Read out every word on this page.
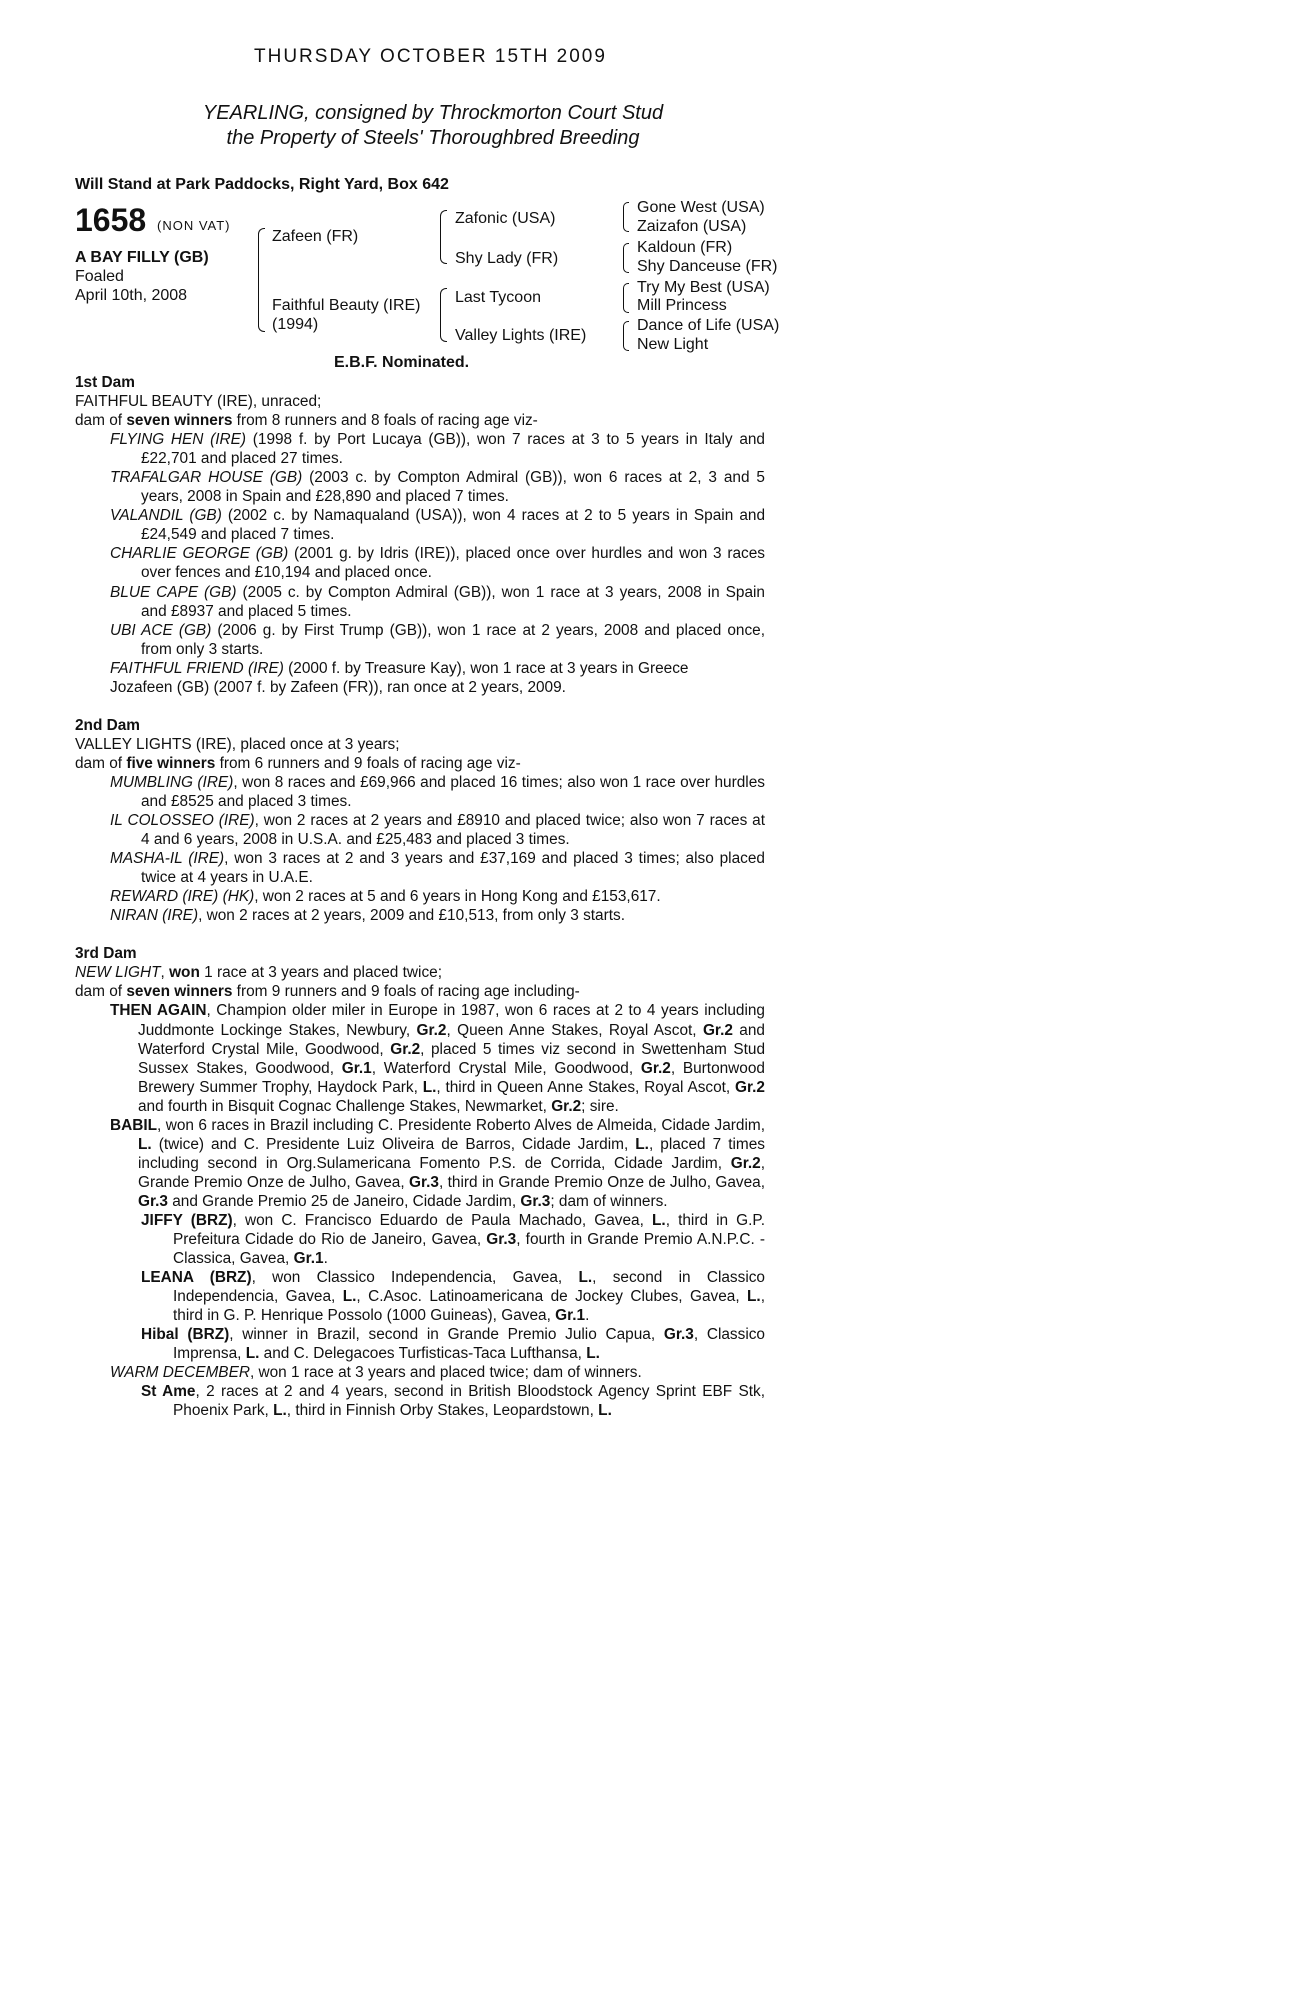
THURSDAY OCTOBER 15TH 2009
YEARLING, consigned by Throckmorton Court Stud
the Property of Steels' Thoroughbred Breeding
Will Stand at Park Paddocks, Right Yard, Box 642
1658 (NON VAT)
A BAY FILLY (GB)
Foaled
April 10th, 2008
Zafeen (FR)
Faithful Beauty (IRE)
(1994)
Zafonic (USA)
Shy Lady (FR)
Last Tycoon
Valley Lights (IRE)
Gone West (USA)
Zaizafon (USA)
Kaldoun (FR)
Shy Danceuse (FR)
Try My Best (USA)
Mill Princess
Dance of Life (USA)
New Light
E.B.F. Nominated.

1st Dam

FAITHFUL BEAUTY (IRE), unraced;

dam of seven winners from 8 runners and 8 foals of racing age viz-

FLYING HEN (IRE) (1998 f. by Port Lucaya (GB)), won 7 races at 3 to 5 years in Italy and £22,701 and placed 27 times.

TRAFALGAR HOUSE (GB) (2003 c. by Compton Admiral (GB)), won 6 races at 2, 3 and 5 years, 2008 in Spain and £28,890 and placed 7 times.

VALANDIL (GB) (2002 c. by Namaqualand (USA)), won 4 races at 2 to 5 years in Spain and £24,549 and placed 7 times.

CHARLIE GEORGE (GB) (2001 g. by Idris (IRE)), placed once over hurdles and won 3 races over fences and £10,194 and placed once.

BLUE CAPE (GB) (2005 c. by Compton Admiral (GB)), won 1 race at 3 years, 2008 in Spain and £8937 and placed 5 times.

UBI ACE (GB) (2006 g. by First Trump (GB)), won 1 race at 2 years, 2008 and placed once, from only 3 starts.

FAITHFUL FRIEND (IRE) (2000 f. by Treasure Kay), won 1 race at 3 years in Greece

Jozafeen (GB) (2007 f. by Zafeen (FR)), ran once at 2 years, 2009.

2nd Dam

VALLEY LIGHTS (IRE), placed once at 3 years;

dam of five winners from 6 runners and 9 foals of racing age viz-

MUMBLING (IRE), won 8 races and £69,966 and placed 16 times; also won 1 race over hurdles and £8525 and placed 3 times.

IL COLOSSEO (IRE), won 2 races at 2 years and £8910 and placed twice; also won 7 races at 4 and 6 years, 2008 in U.S.A. and £25,483 and placed 3 times.

MASHA-IL (IRE), won 3 races at 2 and 3 years and £37,169 and placed 3 times; also placed twice at 4 years in U.A.E.

REWARD (IRE) (HK), won 2 races at 5 and 6 years in Hong Kong and £153,617.

NIRAN (IRE), won 2 races at 2 years, 2009 and £10,513, from only 3 starts.

3rd Dam

NEW LIGHT, won 1 race at 3 years and placed twice;

dam of seven winners from 9 runners and 9 foals of racing age including-

THEN AGAIN, Champion older miler in Europe in 1987, won 6 races at 2 to 4 years including Juddmonte Lockinge Stakes, Newbury, Gr.2, Queen Anne Stakes, Royal Ascot, Gr.2 and Waterford Crystal Mile, Goodwood, Gr.2, placed 5 times viz second in Swettenham Stud Sussex Stakes, Goodwood, Gr.1, Waterford Crystal Mile, Goodwood, Gr.2, Burtonwood Brewery Summer Trophy, Haydock Park, L., third in Queen Anne Stakes, Royal Ascot, Gr.2 and fourth in Bisquit Cognac Challenge Stakes, Newmarket, Gr.2; sire.

BABIL, won 6 races in Brazil including C. Presidente Roberto Alves de Almeida, Cidade Jardim, L. (twice) and C. Presidente Luiz Oliveira de Barros, Cidade Jardim, L., placed 7 times including second in Org.Sulamericana Fomento P.S. de Corrida, Cidade Jardim, Gr.2, Grande Premio Onze de Julho, Gavea, Gr.3, third in Grande Premio Onze de Julho, Gavea, Gr.3 and Grande Premio 25 de Janeiro, Cidade Jardim, Gr.3; dam of winners.

JIFFY (BRZ), won C. Francisco Eduardo de Paula Machado, Gavea, L., third in G.P. Prefeitura Cidade do Rio de Janeiro, Gavea, Gr.3, fourth in Grande Premio A.N.P.C. - Classica, Gavea, Gr.1.

LEANA (BRZ), won Classico Independencia, Gavea, L., second in Classico Independencia, Gavea, L., C.Asoc. Latinoamericana de Jockey Clubes, Gavea, L., third in G. P. Henrique Possolo (1000 Guineas), Gavea, Gr.1.

Hibal (BRZ), winner in Brazil, second in Grande Premio Julio Capua, Gr.3, Classico Imprensa, L. and C. Delegacoes Turfisticas-Taca Lufthansa, L.

WARM DECEMBER, won 1 race at 3 years and placed twice; dam of winners.

St Ame, 2 races at 2 and 4 years, second in British Bloodstock Agency Sprint EBF Stk, Phoenix Park, L., third in Finnish Orby Stakes, Leopardstown, L.
